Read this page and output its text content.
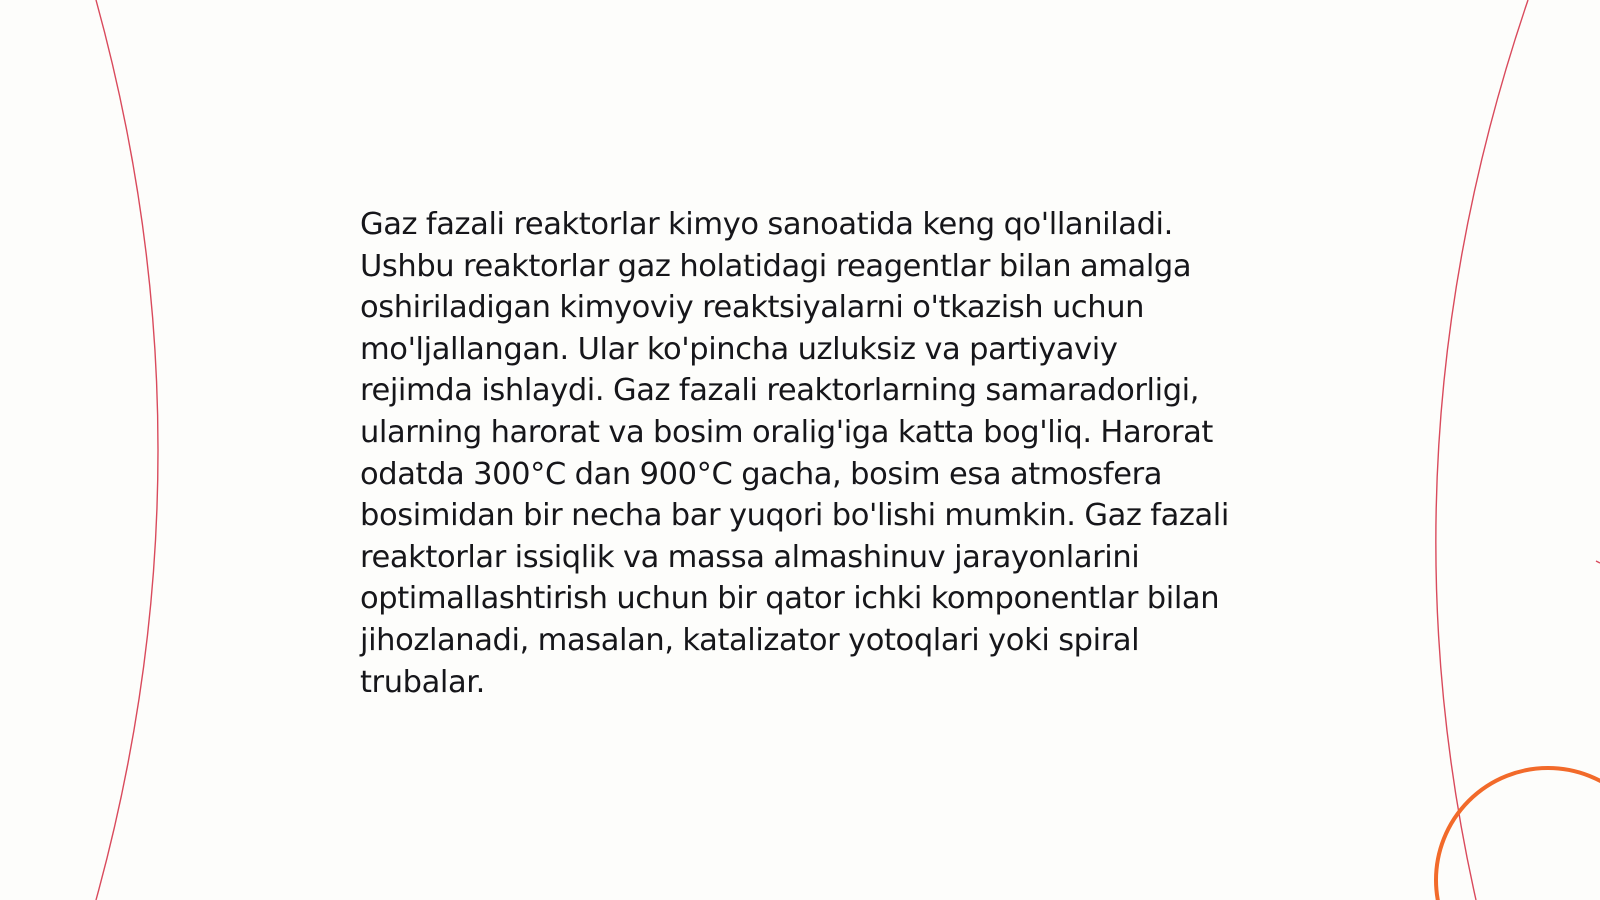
Gaz fazali reaktorlar kimyo sanoatida keng qo'llaniladi. Ushbu reaktorlar gaz holatidagi reagentlar bilan amalga oshiriladigan kimyoviy reaktsiyalarni o'tkazish uchun mo'ljallangan. Ular ko'pincha uzluksiz va partiyaviy rejimda ishlaydi. Gaz fazali reaktorlarning samaradorligi, ularning harorat va bosim oralig'iga katta bog'liq. Harorat odatda 300°C dan 900°C gacha, bosim esa atmosfera bosimidan bir necha bar yuqori bo'lishi mumkin. Gaz fazali reaktorlar issiqlik va massa almashinuv jarayonlarini optimallashtirish uchun bir qator ichki komponentlar bilan jihozlanadi, masalan, katalizator yotoqlari yoki spiral trubalar.
